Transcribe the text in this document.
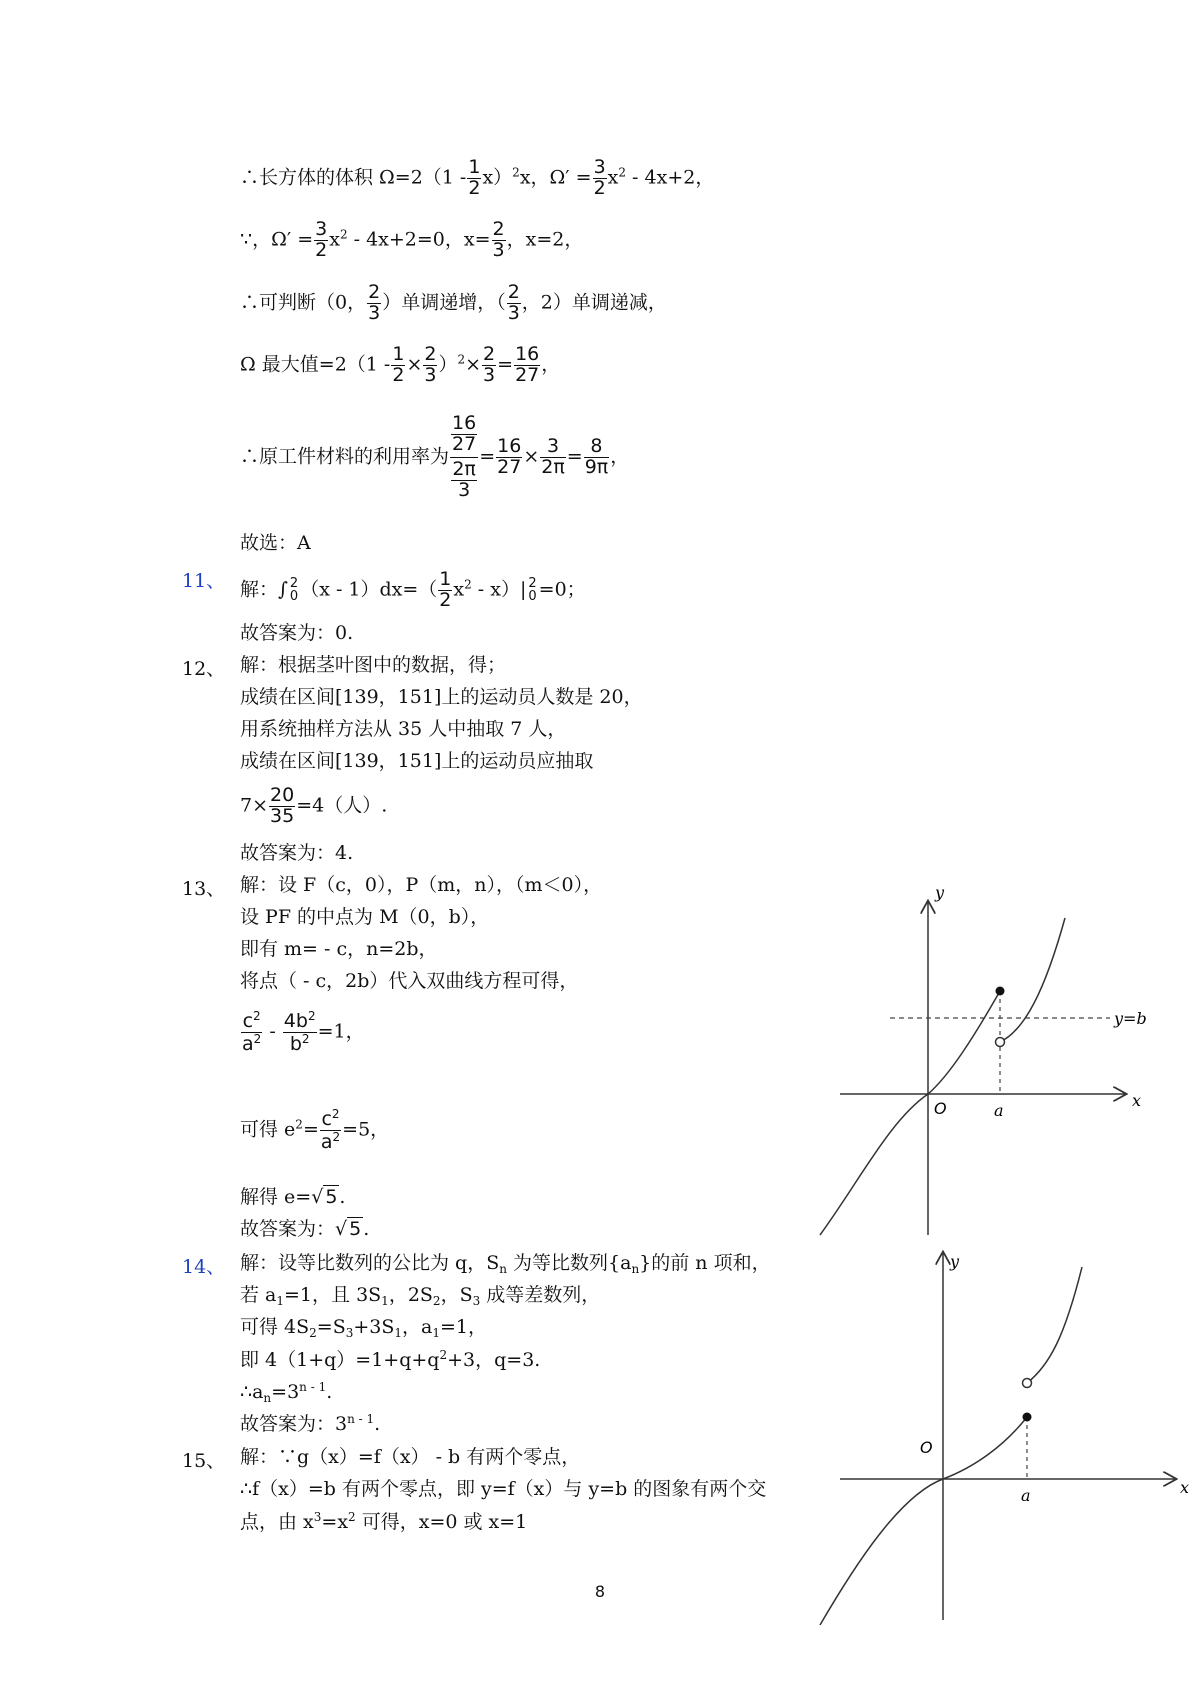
∴长方体的体积 $\Omega=2(1 - \frac{1}{2} x)^2x$，$\Omega' = \frac{3}{2} x^2 - 4x+2$，
∵，$\Omega' = \frac{3}{2} x^2 - 4x+2=0$，$x= \frac{2}{3}$ ，x=2，
∴可判断（0， $\frac{2}{3}$ ）单调递增，（ $\frac{2}{3}$ ，2）单调递减，
Ω 最大值$=2(1 - \frac{1}{2} \times \frac{2}{3} )^2\times \frac{2}{3} = \frac{16}{27}$ ，
∴原工件材料的利用率为 $\frac{\frac{16}{27}}{\frac{2\pi}{3}} = \frac{16}{27} \times \frac{3}{2\pi} = \frac{8}{9\pi}$ ，
故选：A
11、 解：∫ 2
0 $(x - 1)dx=( \frac{1}{2} x^2 - x)|$ 2
0 =0；
故答案为：0.
12、 解：根据茎叶图中的数据，得；
成绩在区间[139，151]上的运动员人数是 20，
用系统抽样方法从 35 人中抽取 7 人，
成绩在区间[139，151]上的运动员应抽取
$7\times \frac{20}{35} =4$（人）.
故答案为：4.
13、 解：设 F（c，0），P（m，n），（m＜0），
设 PF 的中点为 M（0，b），
即有 m= - c，n=2b，
将点（ - c，2b）代入双曲线方程可得，
$\frac{c^2}{a^2} - \frac{4b^2}{b^2} =1$，
可得 $e^2= \frac{c^2}{a^2} =5$，
解得 e=√ 5 .
故答案为：√ 5 .
14、 解：设等比数列的公比为 q，$S_n$ 为等比数列$\{a_n\}$的前 n 项和，
若 $a_1=1$，且 $3S_1$，$2S_2$，$S_3$ 成等差数列，
可得 $4S_2=S_3+3S_1$，$a_1=1$，
即 $4(1+q)=1+q+q^2+3$，q=3.
$\therefore a_n=3^{n - 1}$.
故答案为：3$^{n - 1}$.
15、 解：∵g（x）=f（x） - b 有两个零点，
∴f（x）=b 有两个零点，即 y=f（x）与 y=b 的图象有两个交
点，由 $x^3=x^2$ 可得，x=0 或 x=1
y
x
O	a
y=b
y
x
O
a
8
